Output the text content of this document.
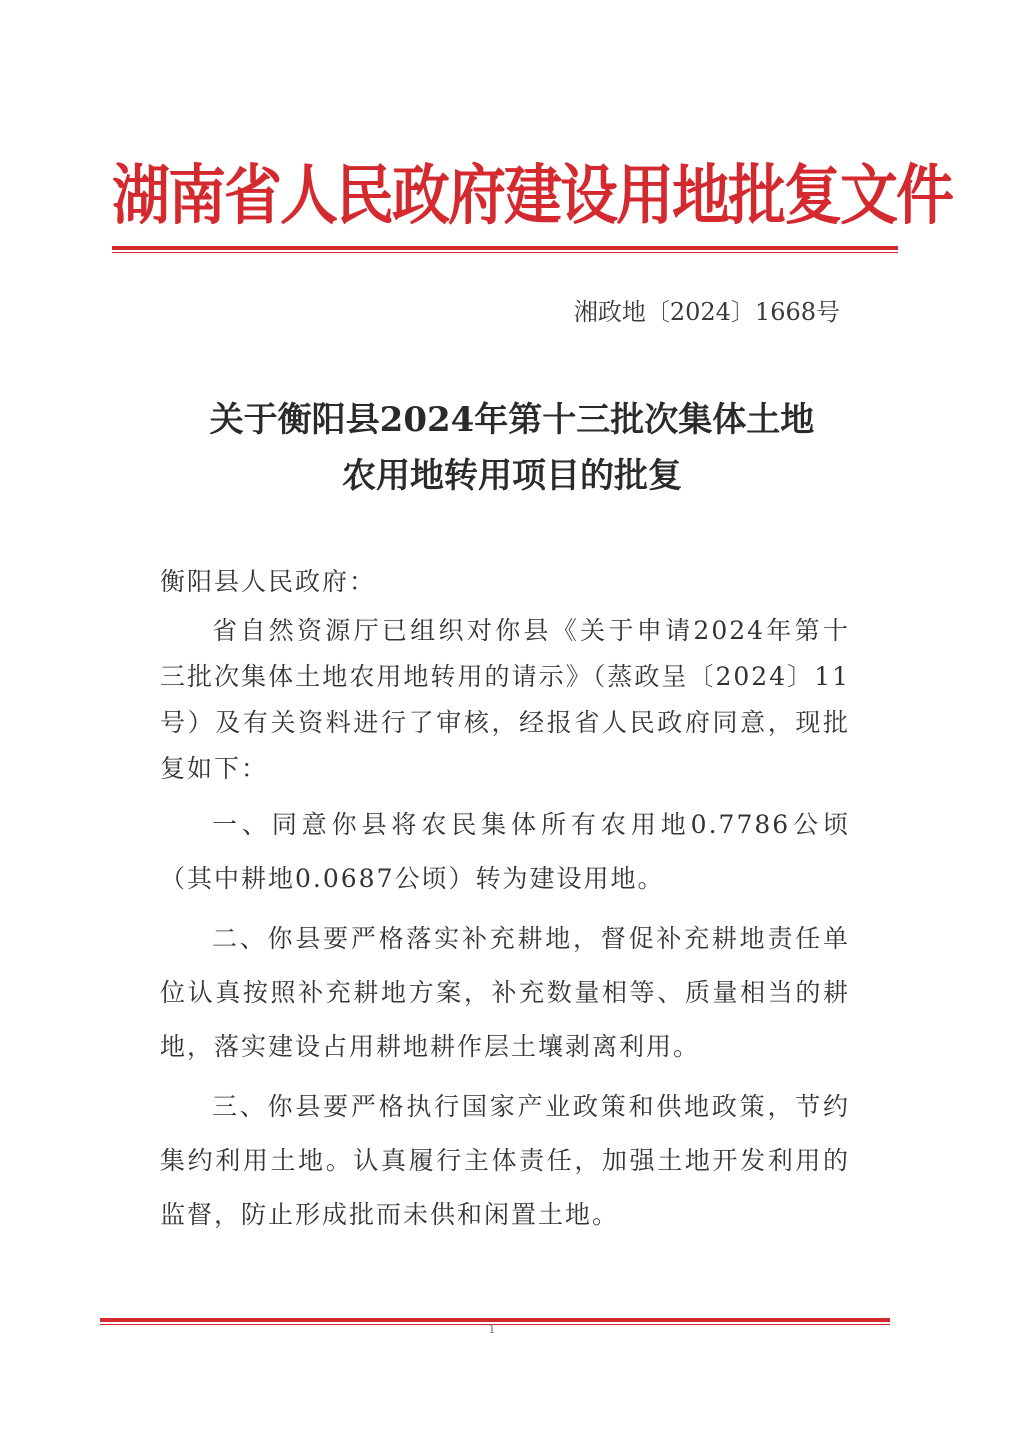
湖南省人民政府建设用地批复文件
湘政地〔2024〕1668号
关于衡阳县2024年第十三批次集体土地
农用地转用项目的批复
衡阳县人民政府：

省自然资源厅已组织对你县《关于申请2024年第十三批次集体土地农用地转用的请示》（蒸政呈〔2024〕11号）及有关资料进行了审核，经报省人民政府同意，现批复如下：

一、同意你县将农民集体所有农用地0.7786公顷（其中耕地0.0687公顷）转为建设用地。

二、你县要严格落实补充耕地，督促补充耕地责任单位认真按照补充耕地方案，补充数量相等、质量相当的耕地，落实建设占用耕地耕作层土壤剥离利用。

三、你县要严格执行国家产业政策和供地政策，节约集约利用土地。认真履行主体责任，加强土地开发利用的监督，防止形成批而未供和闲置土地。

1
